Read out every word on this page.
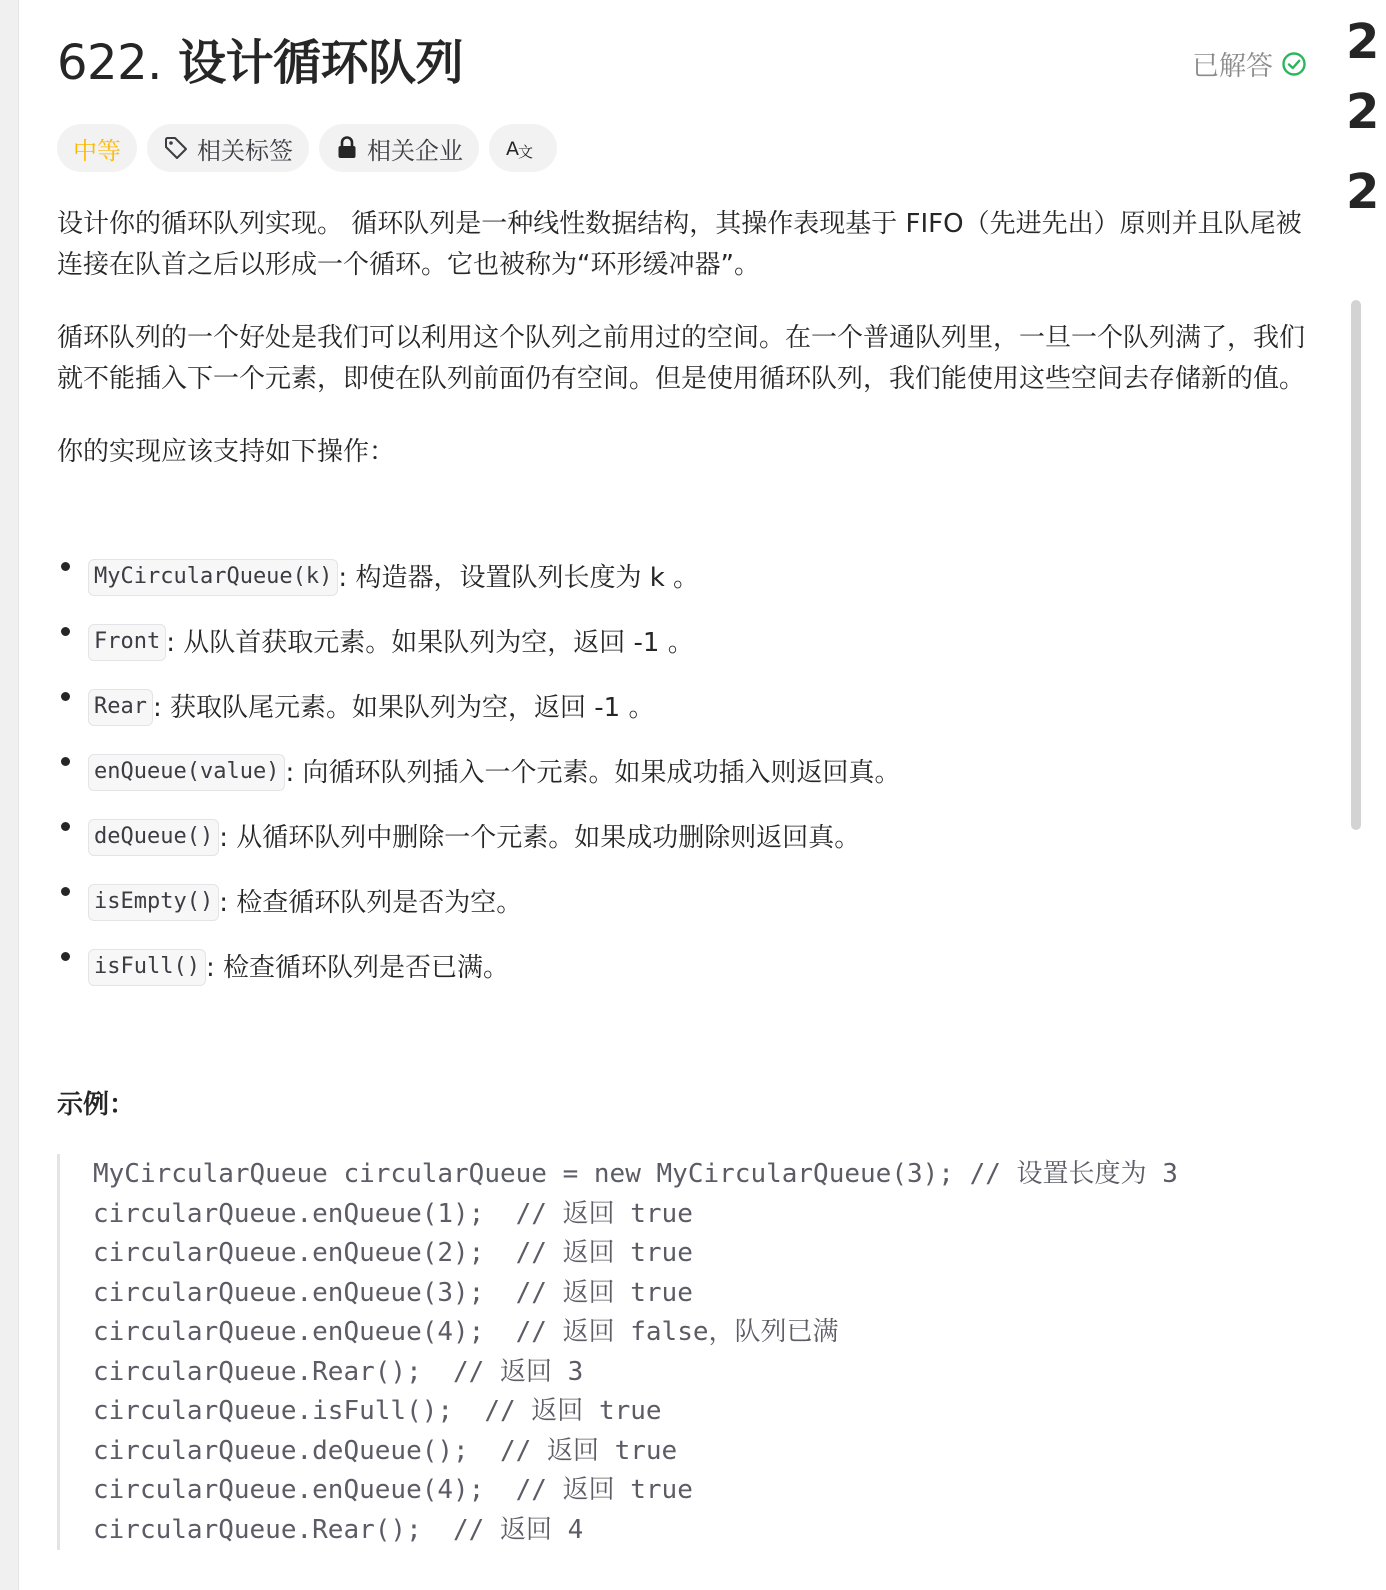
2
2
2
622. 设计循环队列	已解答
中等	相关标签	相关企业 A 文

设计你的循环队列实现。 循环队列是一种线性数据结构，其操作表现基于 FIFO（先进先出）原则并且队尾被连接在队首之后以形成一个循环。它也被称为“环形缓冲器”。

循环队列的一个好处是我们可以利用这个队列之前用过的空间。在一个普通队列里，一旦一个队列满了，我们就不能插入下一个元素，即使在队列前面仍有空间。但是使用循环队列，我们能使用这些空间去存储新的值。

你的实现应该支持如下操作：

MyCircularQueue(k) : 构造器，设置队列长度为 k 。
Front : 从队首获取元素。如果队列为空，返回 -1 。
Rear : 获取队尾元素。如果队列为空，返回 -1 。
enQueue(value) : 向循环队列插入一个元素。如果成功插入则返回真。
deQueue() : 从循环队列中删除一个元素。如果成功删除则返回真。
isEmpty() : 检查循环队列是否为空。
isFull() : 检查循环队列是否已满。
示例：
MyCircularQueue circularQueue = new MyCircularQueue(3); // 设置长度为 3
circularQueue.enQueue(1);  // 返回 true
circularQueue.enQueue(2);  // 返回 true
circularQueue.enQueue(3);  // 返回 true
circularQueue.enQueue(4);  // 返回 false，队列已满
circularQueue.Rear();  // 返回 3
circularQueue.isFull();  // 返回 true
circularQueue.deQueue();  // 返回 true
circularQueue.enQueue(4);  // 返回 true
circularQueue.Rear();  // 返回 4
